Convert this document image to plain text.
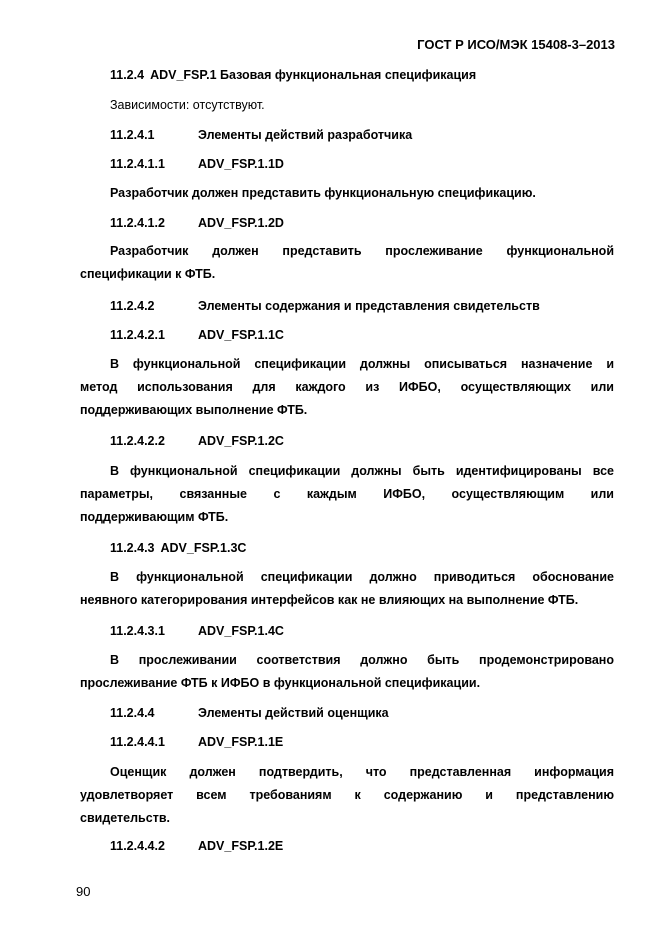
ГОСТ Р ИСО/МЭК 15408-3–2013
11.2.4 ADV_FSP.1 Базовая функциональная спецификация
Зависимости: отсутствуют.
11.2.4.1	Элементы действий разработчика
11.2.4.1.1	ADV_FSP.1.1D
Разработчик должен представить функциональную спецификацию.
11.2.4.1.2	ADV_FSP.1.2D
Разработчик должен представить прослеживание функциональной
спецификации к ФТБ.
11.2.4.2	Элементы содержания и представления свидетельств
11.2.4.2.1	ADV_FSP.1.1C
В функциональной спецификации должны описываться назначение и
метод использования для каждого из ИФБО, осуществляющих или
поддерживающих выполнение ФТБ.
11.2.4.2.2	ADV_FSP.1.2C
В функциональной спецификации должны быть идентифицированы все
параметры, связанные с каждым ИФБО, осуществляющим или
поддерживающим ФТБ.
11.2.4.3 ADV_FSP.1.3C
В функциональной спецификации должно приводиться обоснование
неявного категорирования интерфейсов как не влияющих на выполнение ФТБ.
11.2.4.3.1	ADV_FSP.1.4C
В прослеживании соответствия должно быть продемонстрировано
прослеживание ФТБ к ИФБО в функциональной спецификации.
11.2.4.4	Элементы действий оценщика
11.2.4.4.1	ADV_FSP.1.1E
Оценщик должен подтвердить, что представленная информация
удовлетворяет всем требованиям к содержанию и представлению
свидетельств.
11.2.4.4.2	ADV_FSP.1.2E
90
